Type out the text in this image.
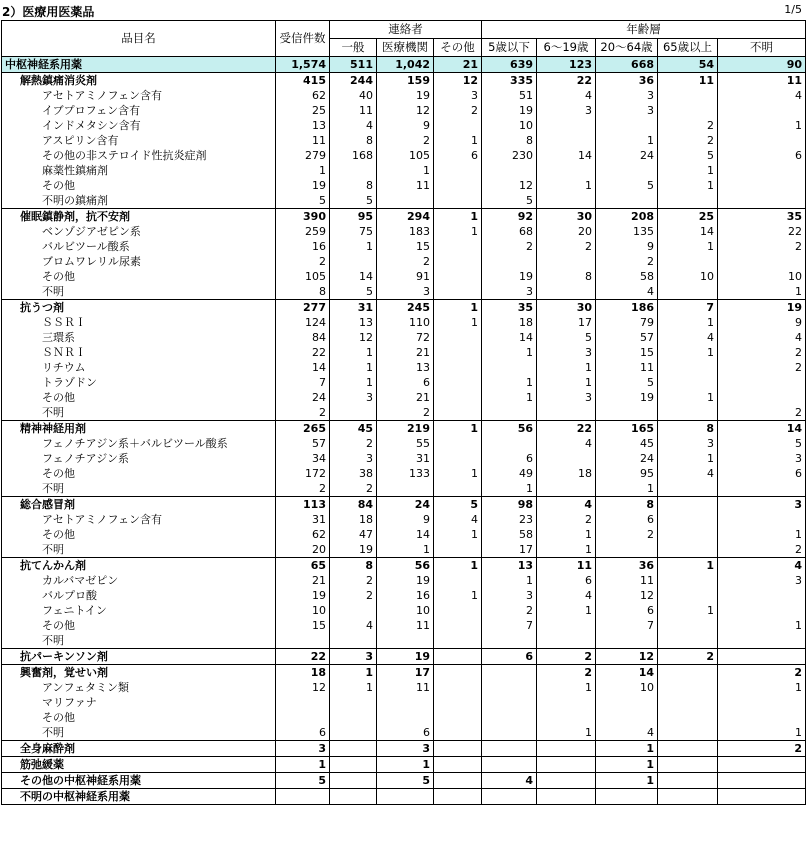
2）医療用医薬品	1/5
品目名	受信件数	連絡者			年齢層				
		一般	医療機関	その他	5歳以下	6～19歳	20～64歳	65歳以上	不明
中枢神経系用薬	1,574	511	1,042	21	639	123	668	54	90
解熱鎮痛消炎剤	415	244	159	12	335	22	36	11	11
アセトアミノフェン含有	62	40	19	3	51	4	3		4
イブプロフェン含有	25	11	12	2	19	3	3		
インドメタシン含有	13	4	9		10			2	1
アスピリン含有	11	8	2	1	8		1	2	
その他の非ステロイド性抗炎症剤	279	168	105	6	230	14	24	5	6
麻薬性鎮痛剤	1		1					1	
その他	19	8	11		12	1	5	1	
不明の鎮痛剤	5	5			5				
催眠鎮静剤，抗不安剤	390	95	294	1	92	30	208	25	35
ベンゾジアゼピン系	259	75	183	1	68	20	135	14	22
バルビツール酸系	16	1	15		2	2	9	1	2
ブロムワレリル尿素	2		2				2		
その他	105	14	91		19	8	58	10	10
不明	8	5	3		3		4		1
抗うつ剤	277	31	245	1	35	30	186	7	19
ＳＳＲＩ	124	13	110	1	18	17	79	1	9
三環系	84	12	72		14	5	57	4	4
ＳＮＲＩ	22	1	21		1	3	15	1	2
リチウム	14	1	13			1	11		2
トラゾドン	7	1	6		1	1	5		
その他	24	3	21		1	3	19	1	
不明	2		2						2
精神神経用剤	265	45	219	1	56	22	165	8	14
フェノチアジン系＋バルビツール酸系	57	2	55			4	45	3	5
フェノチアジン系	34	3	31		6		24	1	3
その他	172	38	133	1	49	18	95	4	6
不明	2	2			1		1		
総合感冒剤	113	84	24	5	98	4	8		3
アセトアミノフェン含有	31	18	9	4	23	2	6		
その他	62	47	14	1	58	1	2		1
不明	20	19	1		17	1			2
抗てんかん剤	65	8	56	1	13	11	36	1	4
カルバマゼピン	21	2	19		1	6	11		3
バルプロ酸	19	2	16	1	3	4	12		
フェニトイン	10		10		2	1	6	1	
その他	15	4	11		7		7		1
不明									
抗パーキンソン剤	22	3	19		6	2	12	2	
興奮剤，覚せい剤	18	1	17			2	14		2
アンフェタミン類	12	1	11			1	10		1
マリファナ									
その他									
不明	6		6			1	4		1
全身麻酔剤	3		3				1		2
筋弛緩薬	1		1				1		
その他の中枢神経系用薬	5		5		4		1		
不明の中枢神経系用薬									
